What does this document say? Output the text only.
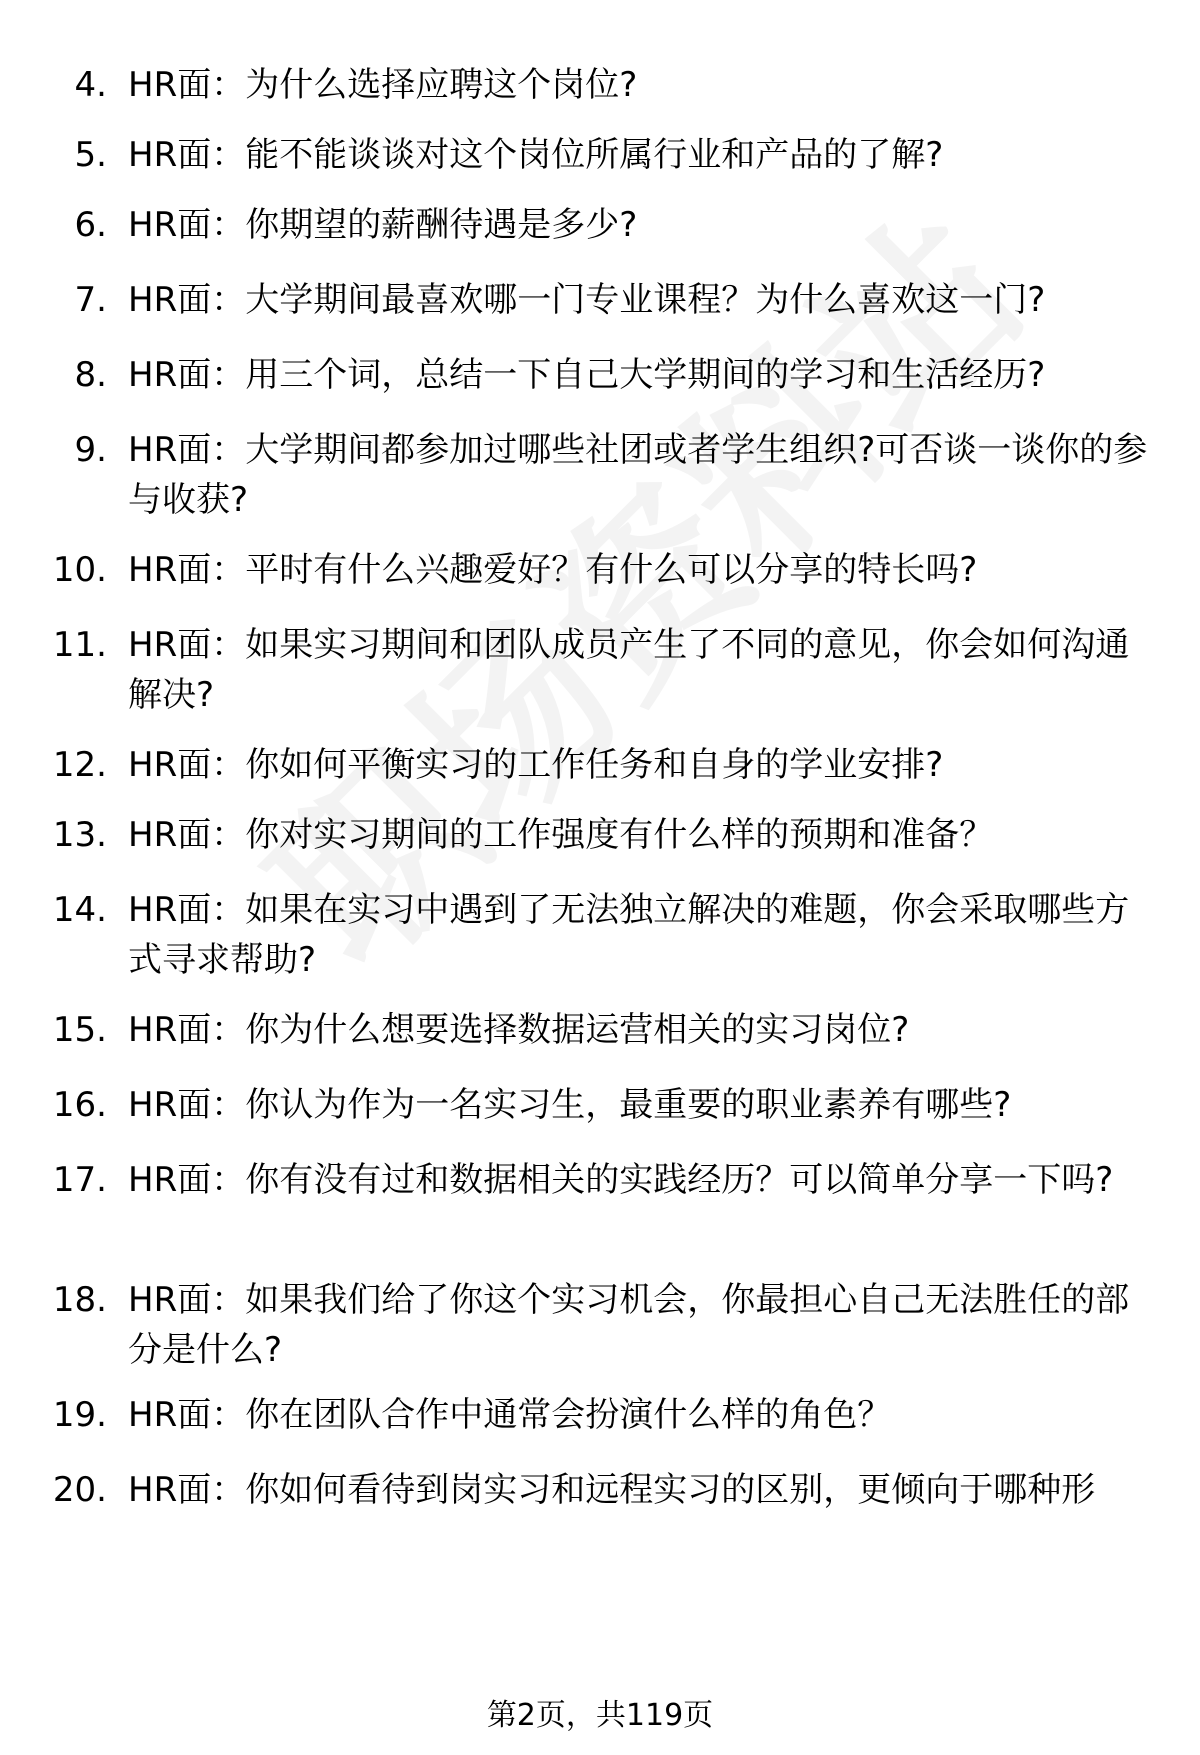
4. HR面：为什么选择应聘这个岗位?
5. HR面：能不能谈谈对这个岗位所属行业和产品的了解?
6. HR面：你期望的薪酬待遇是多少?
7. HR面：大学期间最喜欢哪一门专业课程？为什么喜欢这一门?
8. HR面：用三个词，总结一下自己大学期间的学习和生活经历?
9. HR面：大学期间都参加过哪些社团或者学生组织?可否谈一谈你的参与收获?
10. HR面：平时有什么兴趣爱好？有什么可以分享的特长吗?
11. HR面：如果实习期间和团队成员产生了不同的意见，你会如何沟通解决?
12. HR面：你如何平衡实习的工作任务和自身的学业安排?
13. HR面：你对实习期间的工作强度有什么样的预期和准备？
14. HR面：如果在实习中遇到了无法独立解决的难题，你会采取哪些方式寻求帮助?
15. HR面：你为什么想要选择数据运营相关的实习岗位?
16. HR面：你认为作为一名实习生，最重要的职业素养有哪些?
17. HR面：你有没有过和数据相关的实践经历？可以简单分享一下吗?
18. HR面：如果我们给了你这个实习机会，你最担心自己无法胜任的部分是什么?
19. HR面：你在团队合作中通常会扮演什么样的角色？
20. HR面：你如何看待到岗实习和远程实习的区别，更倾向于哪种形
第2页，共119页
